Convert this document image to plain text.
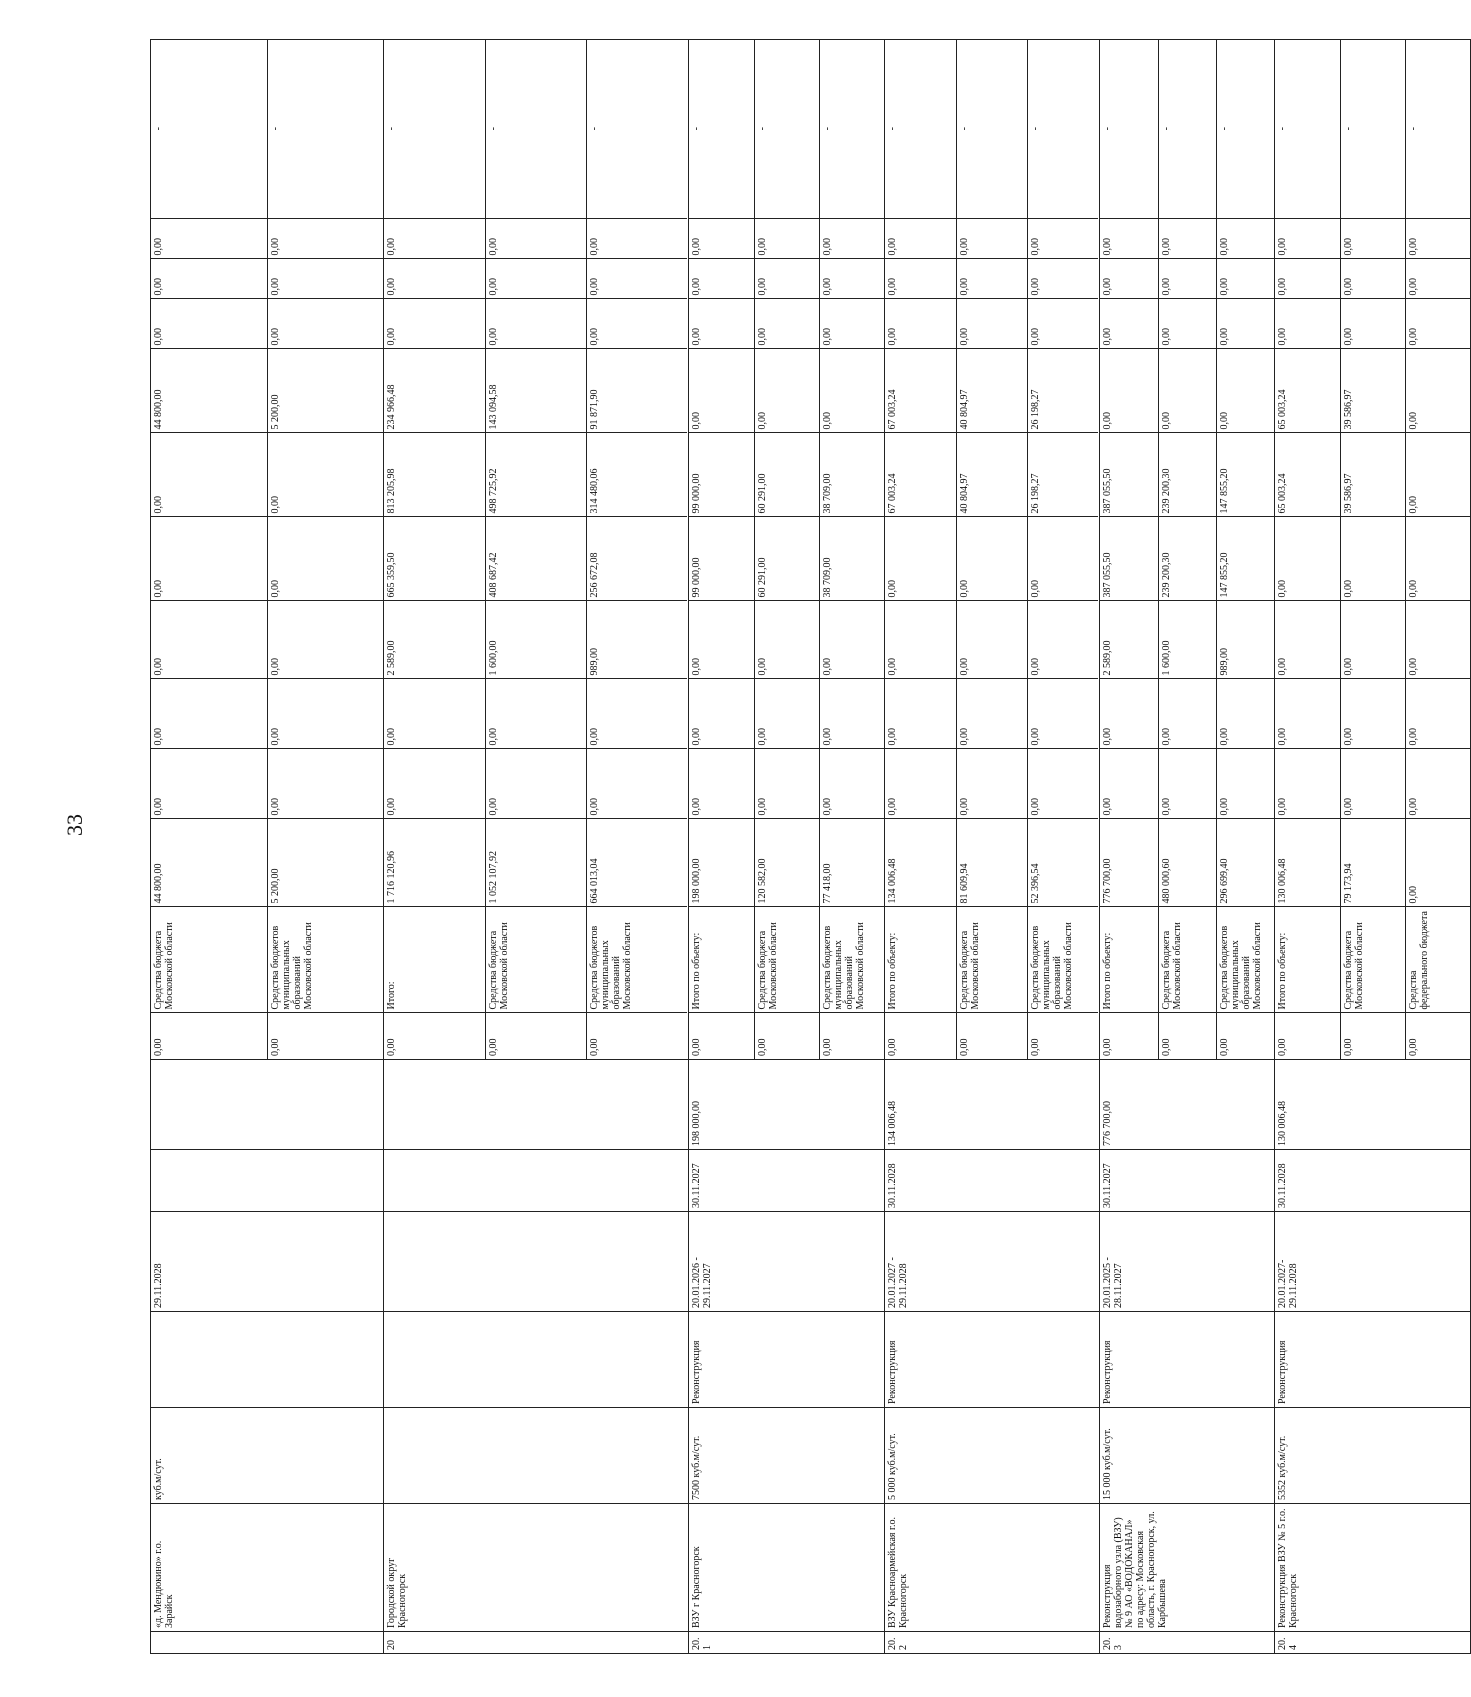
33
	«д. Мендюкино» г.о. Зарайск	куб.м/сут.		29.11.2028			
0,00	Средства бюджета Московской области	44 800,00	0,00	0,00	0,00	0,00	0,00	44 800,00	0,00	0,00	0,00	-
0,00	Средства бюджетов муниципальных образований Московской области	5 200,00	0,00	0,00	0,00	0,00	0,00	5 200,00	0,00	0,00	0,00	-

20	Городской округ Красногорск						
0,00	Итого:	1 716 120,96	0,00	0,00	2 589,00	665 359,50	813 205,98	234 966,48	0,00	0,00	0,00	-
0,00	Средства бюджета Московской области	1 052 107,92	0,00	0,00	1 600,00	408 687,42	498 725,92	143 094,58	0,00	0,00	0,00	-
0,00	Средства бюджетов муниципальных образований Московской области	664 013,04	0,00	0,00	989,00	256 672,08	314 480,06	91 871,90	0,00	0,00	0,00	-

20.1	ВЗУ г Красногорск	7500 куб.м/сут.	Реконструкция	20.01.2026 - 29.11.2027	30.11.2027	198 000,00	
0,00	Итого по объекту:	198 000,00	0,00	0,00	0,00	99 000,00	99 000,00	0,00	0,00	0,00	0,00	-
0,00	Средства бюджета Московской области	120 582,00	0,00	0,00	0,00	60 291,00	60 291,00	0,00	0,00	0,00	0,00	-
0,00	Средства бюджетов муниципальных образований Московской области	77 418,00	0,00	0,00	0,00	38 709,00	38 709,00	0,00	0,00	0,00	0,00	-

20.2	ВЗУ Красноармейская г.о. Красногорск	5 000 куб.м/сут.	Реконструкция	20.01.2027 - 29.11.2028	30.11.2028	134 006,48	
0,00	Итого по объекту:	134 006,48	0,00	0,00	0,00	0,00	67 003,24	67 003,24	0,00	0,00	0,00	-
0,00	Средства бюджета Московской области	81 609,94	0,00	0,00	0,00	0,00	40 804,97	40 804,97	0,00	0,00	0,00	-
0,00	Средства бюджетов муниципальных образований Московской области	52 396,54	0,00	0,00	0,00	0,00	26 198,27	26 198,27	0,00	0,00	0,00	-

20.3	Реконструкция водозаборного узла (ВЗУ) № 9 АО «ВОДОКАНАЛ» по адресу: Московская область, г. Красногорск, ул. Карбышева	15 000 куб.м/сут.	Реконструкция	20.01.2025 - 28.11.2027	30.11.2027	776 700,00	
0,00	Итого по объекту:	776 700,00	0,00	0,00	2 589,00	387 055,50	387 055,50	0,00	0,00	0,00	0,00	-
0,00	Средства бюджета Московской области	480 000,60	0,00	0,00	1 600,00	239 200,30	239 200,30	0,00	0,00	0,00	0,00	-
0,00	Средства бюджетов муниципальных образований Московской области	296 699,40	0,00	0,00	989,00	147 855,20	147 855,20	0,00	0,00	0,00	0,00	-

20.4	Реконструкция ВЗУ № 5 г.о. Красногорск	5352 куб.м/сут.	Реконструкция	20.01.2027- 29.11.2028	30.11.2028	130 006,48	
0,00	Итого по объекту:	130 006,48	0,00	0,00	0,00	0,00	65 003,24	65 003,24	0,00	0,00	0,00	-
0,00	Средства бюджета Московской области	79 173,94	0,00	0,00	0,00	0,00	39 586,97	39 586,97	0,00	0,00	0,00	-
0,00	Средства федерального бюджета	0,00	0,00	0,00	0,00	0,00	0,00	0,00	0,00	0,00	0,00	-
